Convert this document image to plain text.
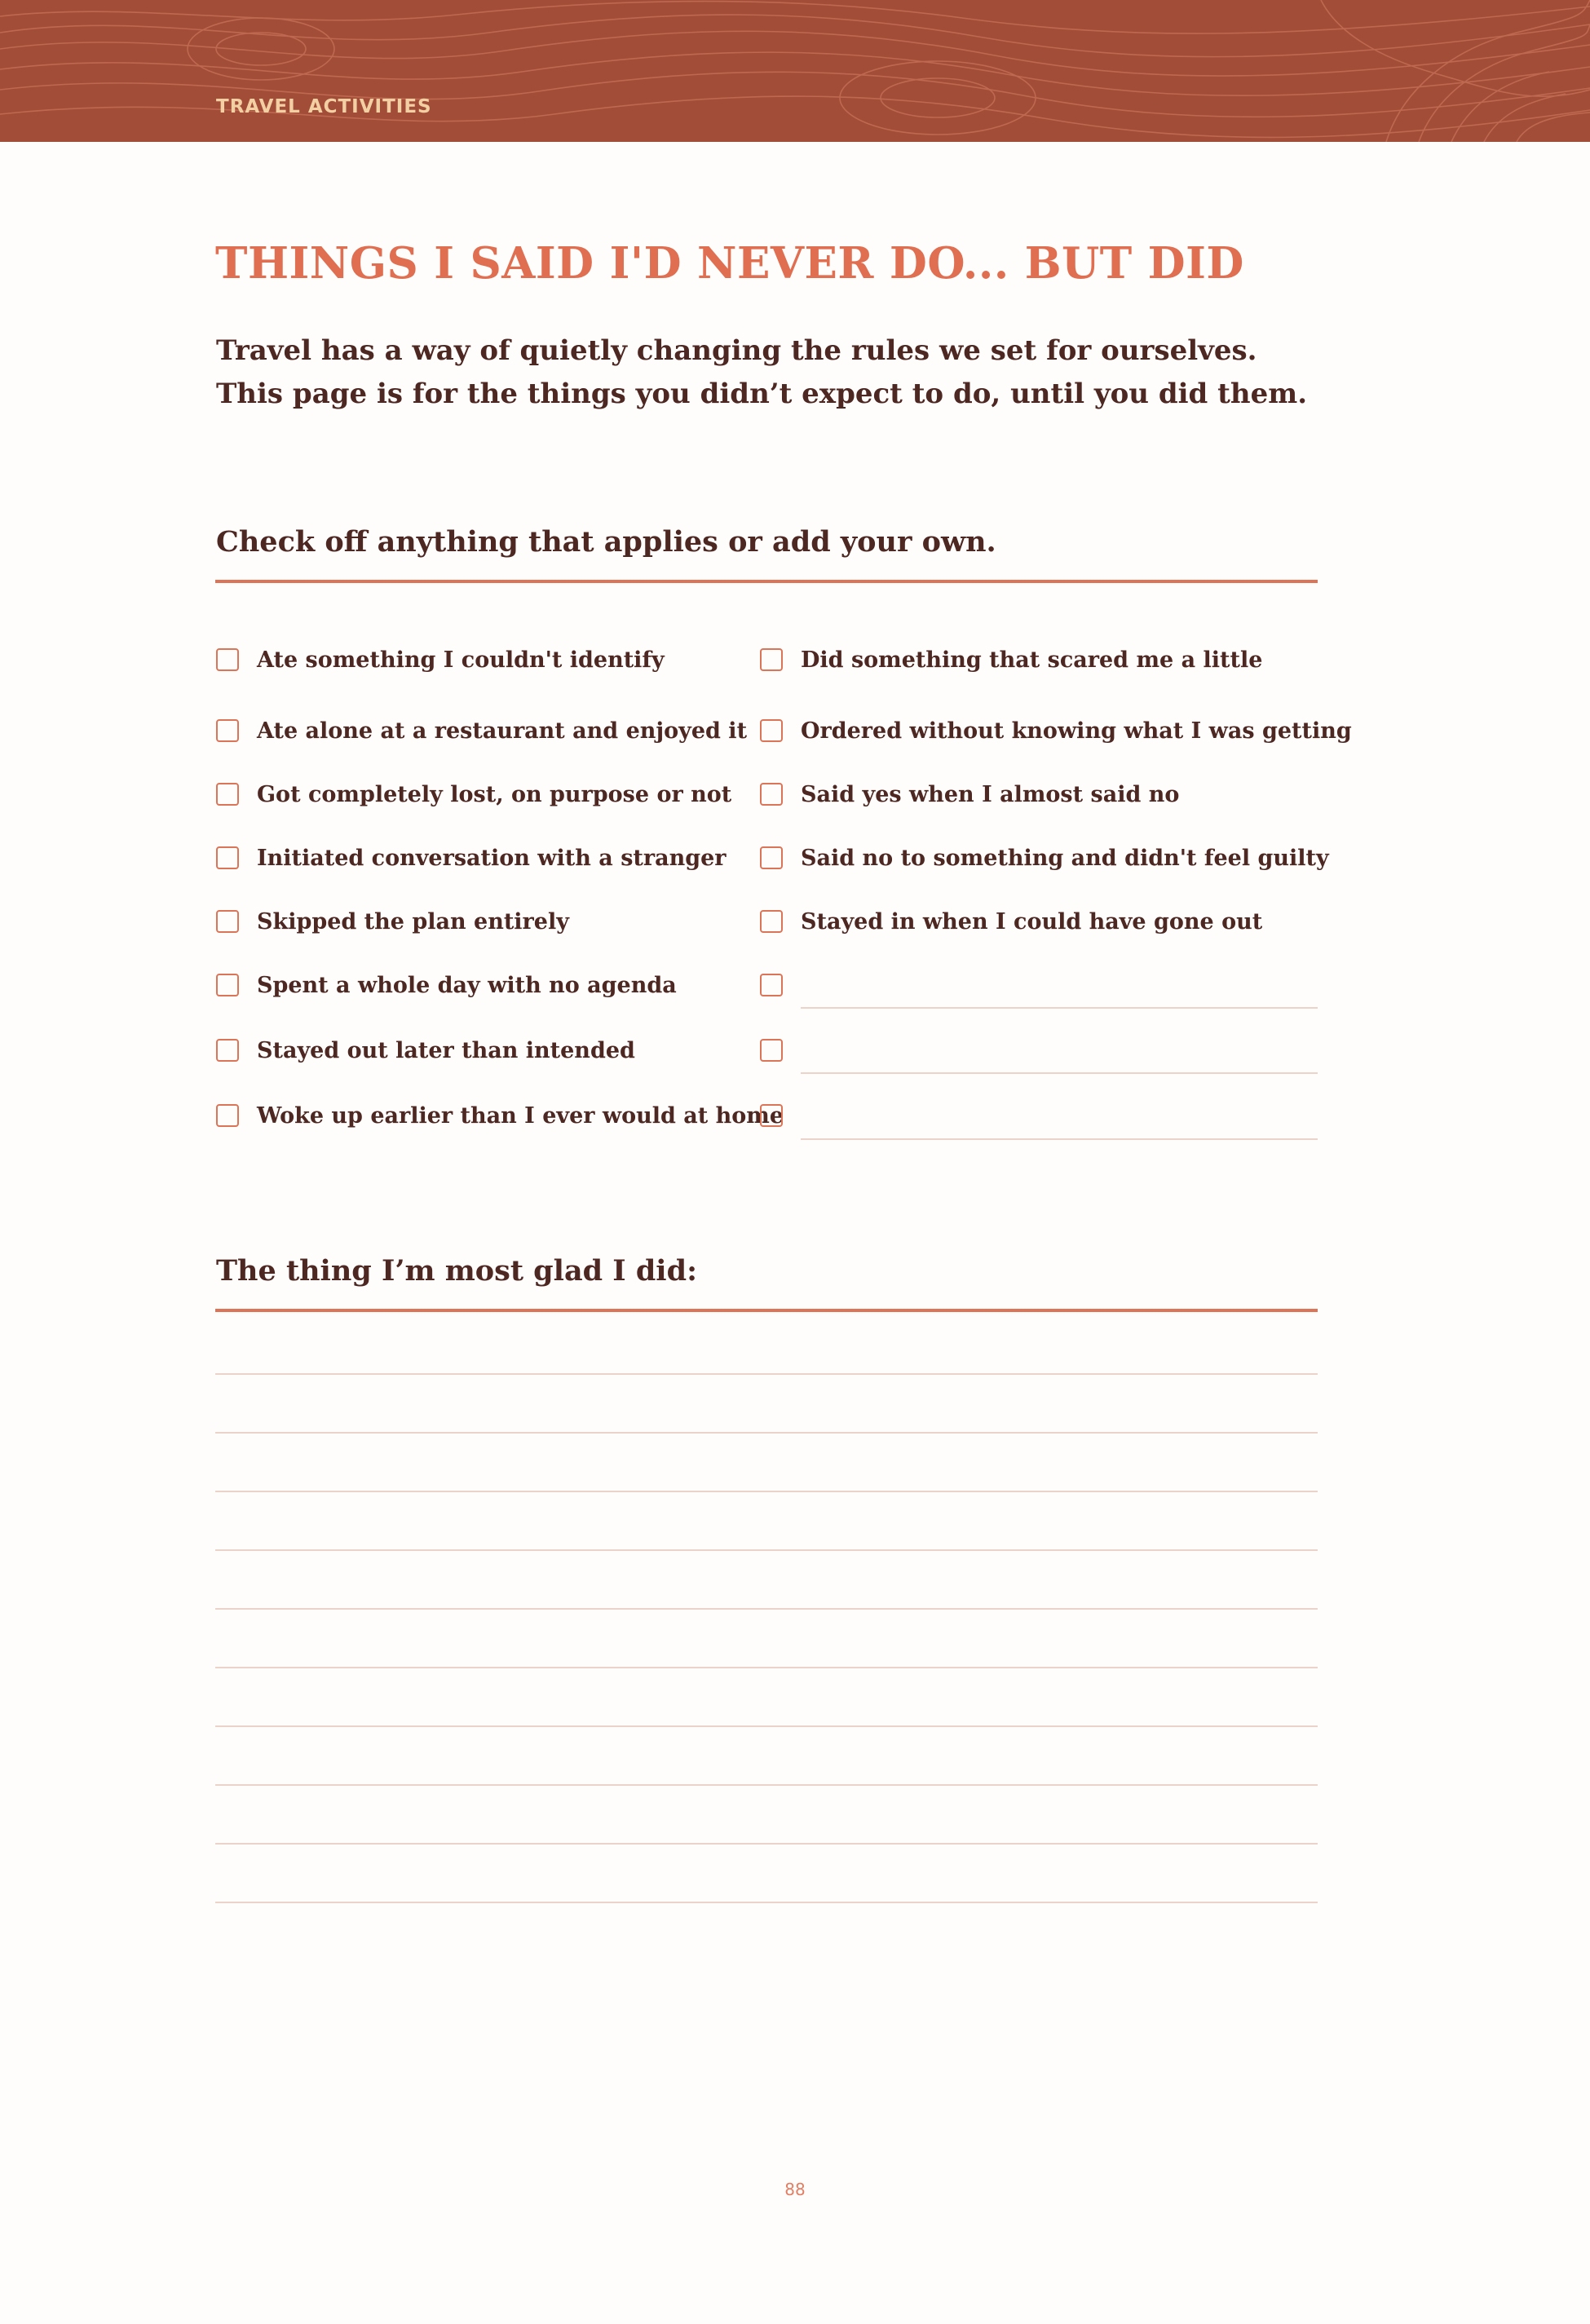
TRAVEL ACTIVITIES
THINGS I SAID I'D NEVER DO... BUT DID
Travel has a way of quietly changing the rules we set for ourselves.
This page is for the things you didn’t expect to do, until you did them.
Check off anything that applies or add your own.
Ate something I couldn't identify
Ate alone at a restaurant and enjoyed it
Got completely lost, on purpose or not
Initiated conversation with a stranger
Skipped the plan entirely
Spent a whole day with no agenda
Stayed out later than intended
Woke up earlier than I ever would at home
Did something that scared me a little
Ordered without knowing what I was getting
Said yes when I almost said no
Said no to something and didn't feel guilty
Stayed in when I could have gone out
The thing I’m most glad I did:
88
